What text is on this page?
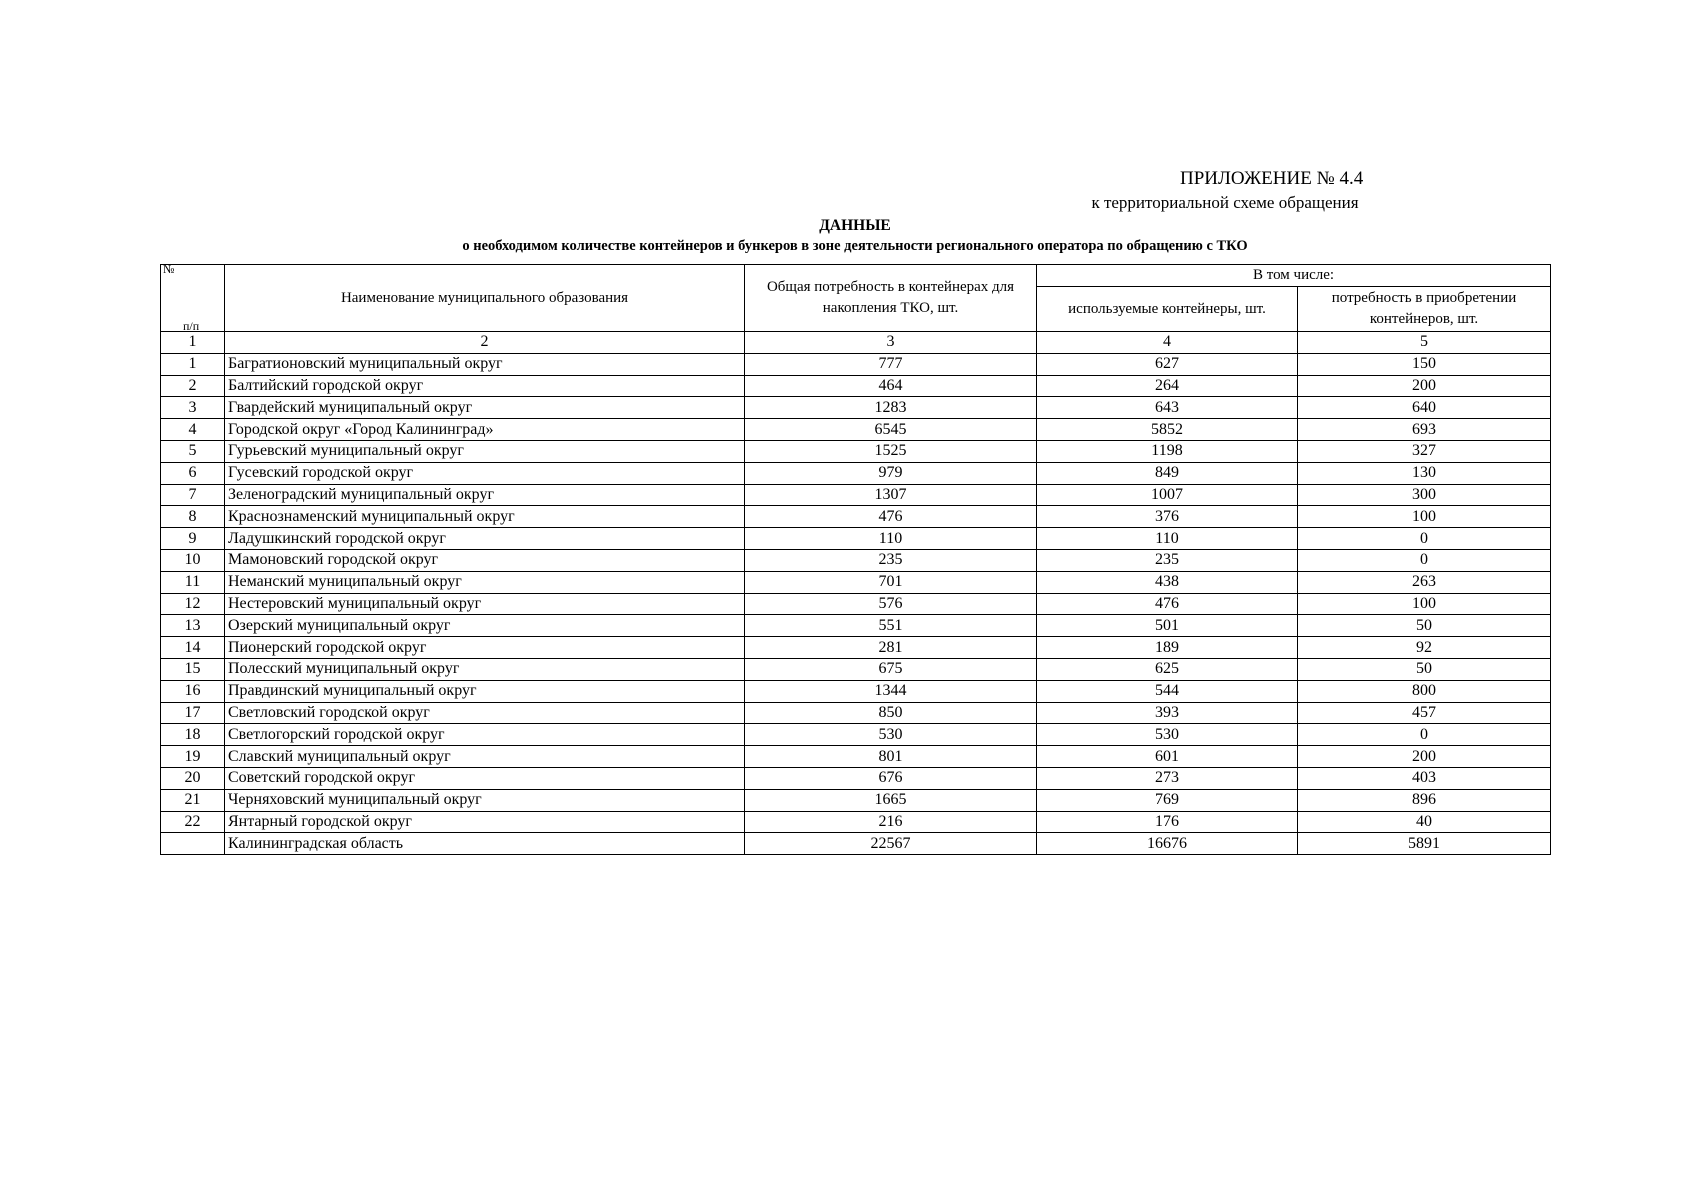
ПРИЛОЖЕНИЕ № 4.4
к территориальной схеме обращения
ДАННЫЕ
о необходимом количестве контейнеров и бункеров в зоне деятельности регионального оператора по обращению с ТКО
№
п/п	Наименование муниципального образования	Общая потребность в контейнерах для накопления ТКО, шт.	В том числе:	
			используемые контейнеры, шт.	потребность в приобретении контейнеров, шт.
1	2	3	4	5
1	Багратионовский муниципальный округ	777	627	150
2	Балтийский городской округ	464	264	200
3	Гвардейский муниципальный округ	1283	643	640
4	Городской округ «Город Калининград»	6545	5852	693
5	Гурьевский муниципальный округ	1525	1198	327
6	Гусевский городской округ	979	849	130
7	Зеленоградский муниципальный округ	1307	1007	300
8	Краснознаменский муниципальный округ	476	376	100
9	Ладушкинский городской округ	110	110	0
10	Мамоновский городской округ	235	235	0
11	Неманский муниципальный округ	701	438	263
12	Нестеровский муниципальный округ	576	476	100
13	Озерский муниципальный округ	551	501	50
14	Пионерский городской округ	281	189	92
15	Полесский муниципальный округ	675	625	50
16	Правдинский муниципальный округ	1344	544	800
17	Светловский городской округ	850	393	457
18	Светлогорский городской округ	530	530	0
19	Славский муниципальный округ	801	601	200
20	Советский городской округ	676	273	403
21	Черняховский муниципальный округ	1665	769	896
22	Янтарный городской округ	216	176	40
	Калининградская область	22567	16676	5891
